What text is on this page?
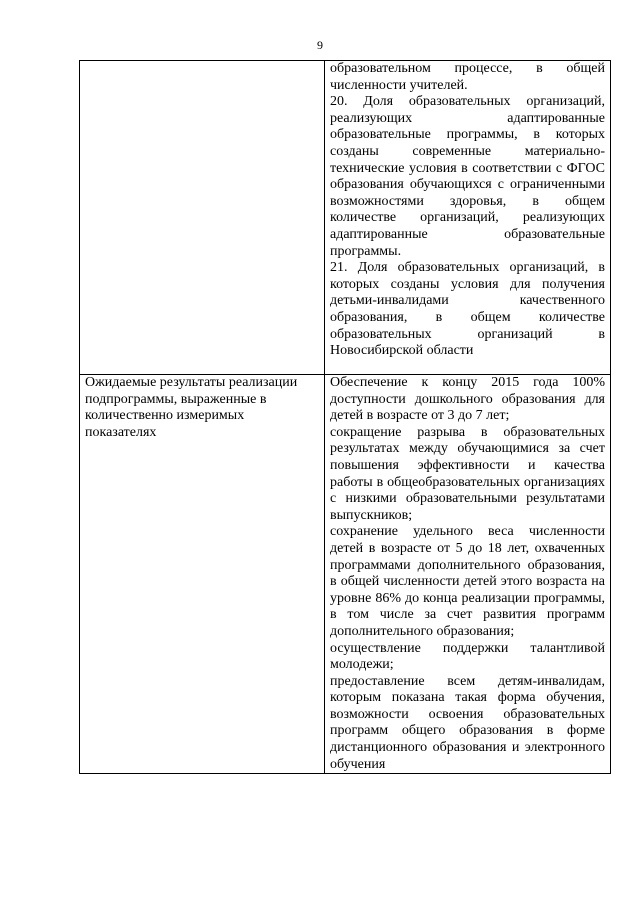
9

	образовательном процессе, в общей численности учителей.

20. Доля образовательных организаций, реализующих адаптированные образовательные программы, в которых созданы современные материально-технические условия в соответствии с ФГОС образования обучающихся с ограниченными возможностями здоровья, в общем количестве организаций, реализующих адаптированные образовательные программы.

21. Доля образовательных организаций, в которых созданы условия для получения детьми-инвалидами качественного образования, в общем количестве образовательных организаций в Новосибирской области

Ожидаемые результаты реализации подпрограммы, выраженные в количественно измеримых показателях	Обеспечение к концу 2015 года 100% доступности дошкольного образования для детей в возрасте от 3 до 7 лет;

сокращение разрыва в образовательных результатах между обучающимися за счет повышения эффективности и качества работы в общеобразовательных организациях с низкими образовательными результатами выпускников;

сохранение удельного веса численности детей в возрасте от 5 до 18 лет, охваченных программами дополнительного образования, в общей численности детей этого возраста на уровне 86% до конца реализации программы, в том числе за счет развития программ дополнительного образования;

осуществление поддержки талантливой молодежи;

предоставление всем детям-инвалидам, которым показана такая форма обучения, возможности освоения образовательных программ общего образования в форме дистанционного образования и электронного обучения
